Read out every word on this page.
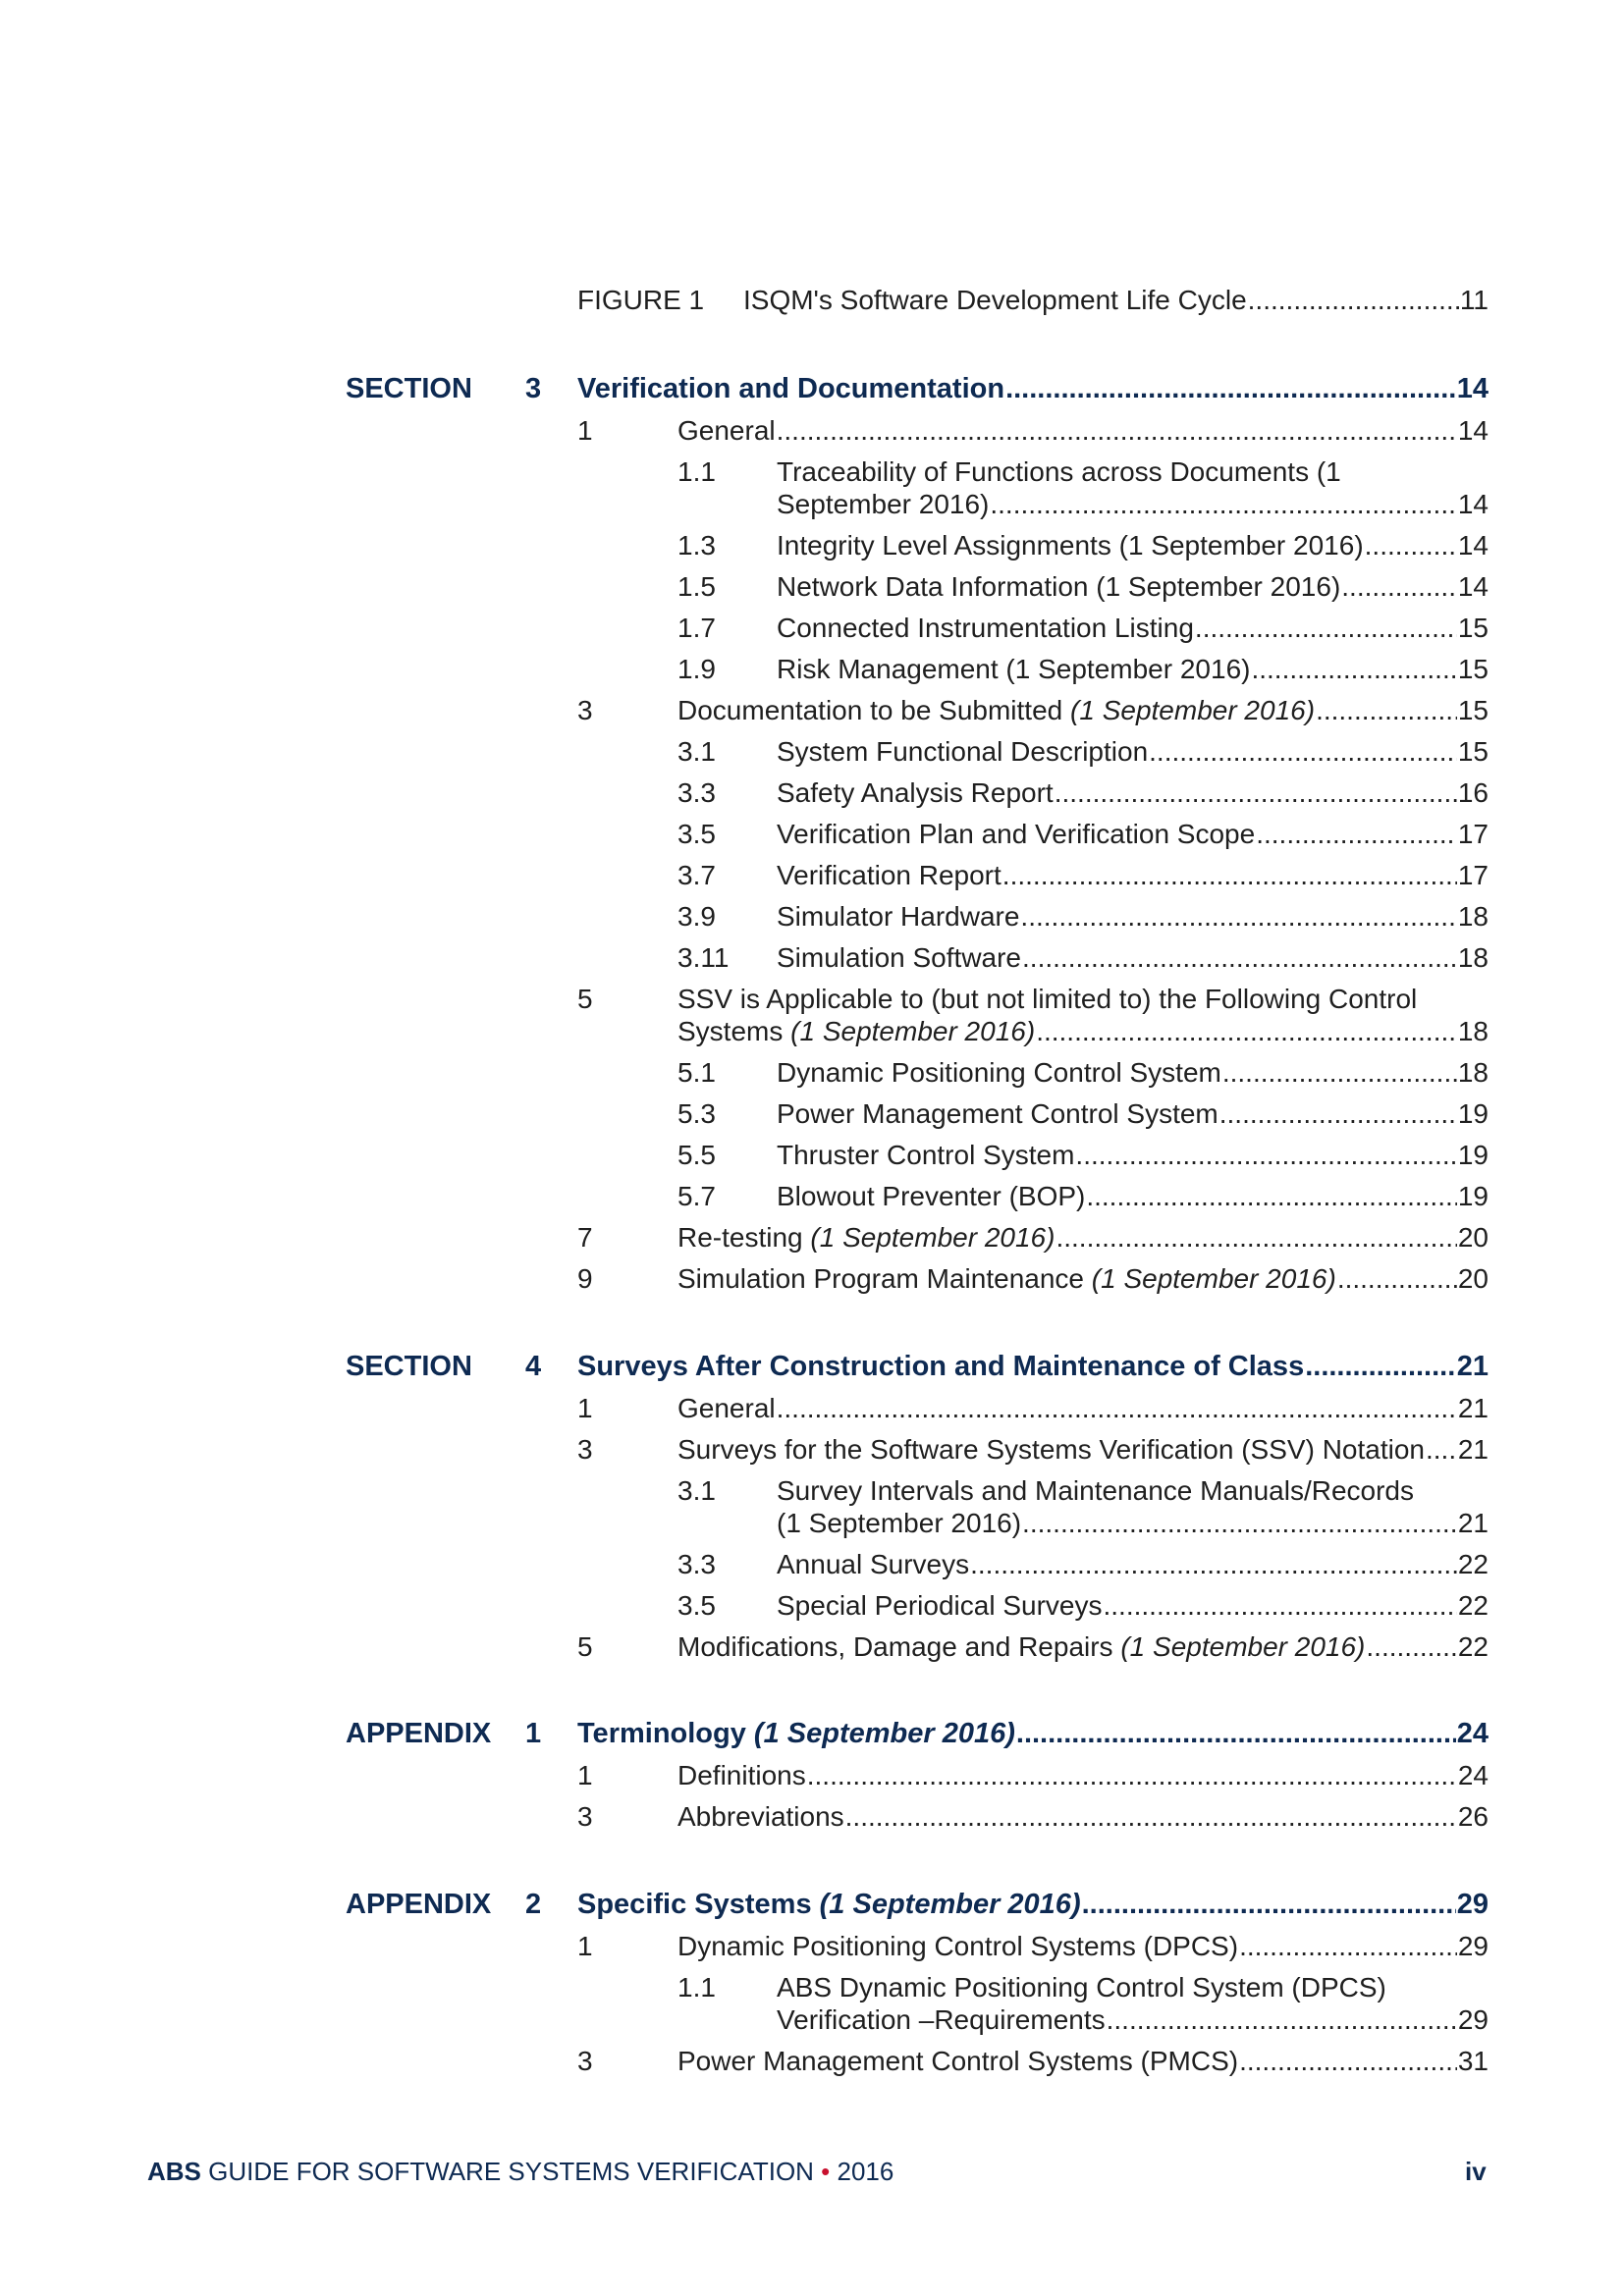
FIGURE 1 ISQM's Software Development Life Cycle .....	11
SECTION 3 Verification and Documentation .....	14
1	General .....	14
1.1 Traceability of Functions across Documents (1
September 2016) .....	14
1.3 Integrity Level Assignments (1 September 2016) .....	14
1.5 Network Data Information (1 September 2016) .....	14
1.7 Connected Instrumentation Listing .....	15
1.9 Risk Management (1 September 2016) .....	15
3	Documentation to be Submitted (1 September 2016) .....	15
3.1 System Functional Description .....	15
3.3 Safety Analysis Report .....	16
3.5 Verification Plan and Verification Scope .....	17
3.7 Verification Report .....	17
3.9 Simulator Hardware .....	18
3.11 Simulation Software .....	18
5	SSV is Applicable to (but not limited to) the Following Control
Systems (1 September 2016) .....	18
5.1 Dynamic Positioning Control System .....	18
5.3 Power Management Control System .....	19
5.5 Thruster Control System .....	19
5.7 Blowout Preventer (BOP) .....	19
7	Re-testing (1 September 2016) .....	20
9	Simulation Program Maintenance (1 September 2016) .....	20
SECTION 4 Surveys After Construction and Maintenance of Class .....	21
1	General .....	21
3	Surveys for the Software Systems Verification (SSV) Notation ..... 21
3.1 Survey Intervals and Maintenance Manuals/Records
(1 September 2016) .....	21
3.3 Annual Surveys .....	22
3.5 Special Periodical Surveys .....	22
5	Modifications, Damage and Repairs (1 September 2016) .....	22
APPENDIX 1 Terminology (1 September 2016) .....	24
1	Definitions .....	24
3	Abbreviations .....	26
APPENDIX 2 Specific Systems (1 September 2016) .....	29
1	Dynamic Positioning Control Systems (DPCS) .....	29
1.1 ABS Dynamic Positioning Control System (DPCS)
Verification –Requirements .....	29
3	Power Management Control Systems (PMCS) .....	31
ABS GUIDE FOR SOFTWARE SYSTEMS VERIFICATION • 2016	iv
